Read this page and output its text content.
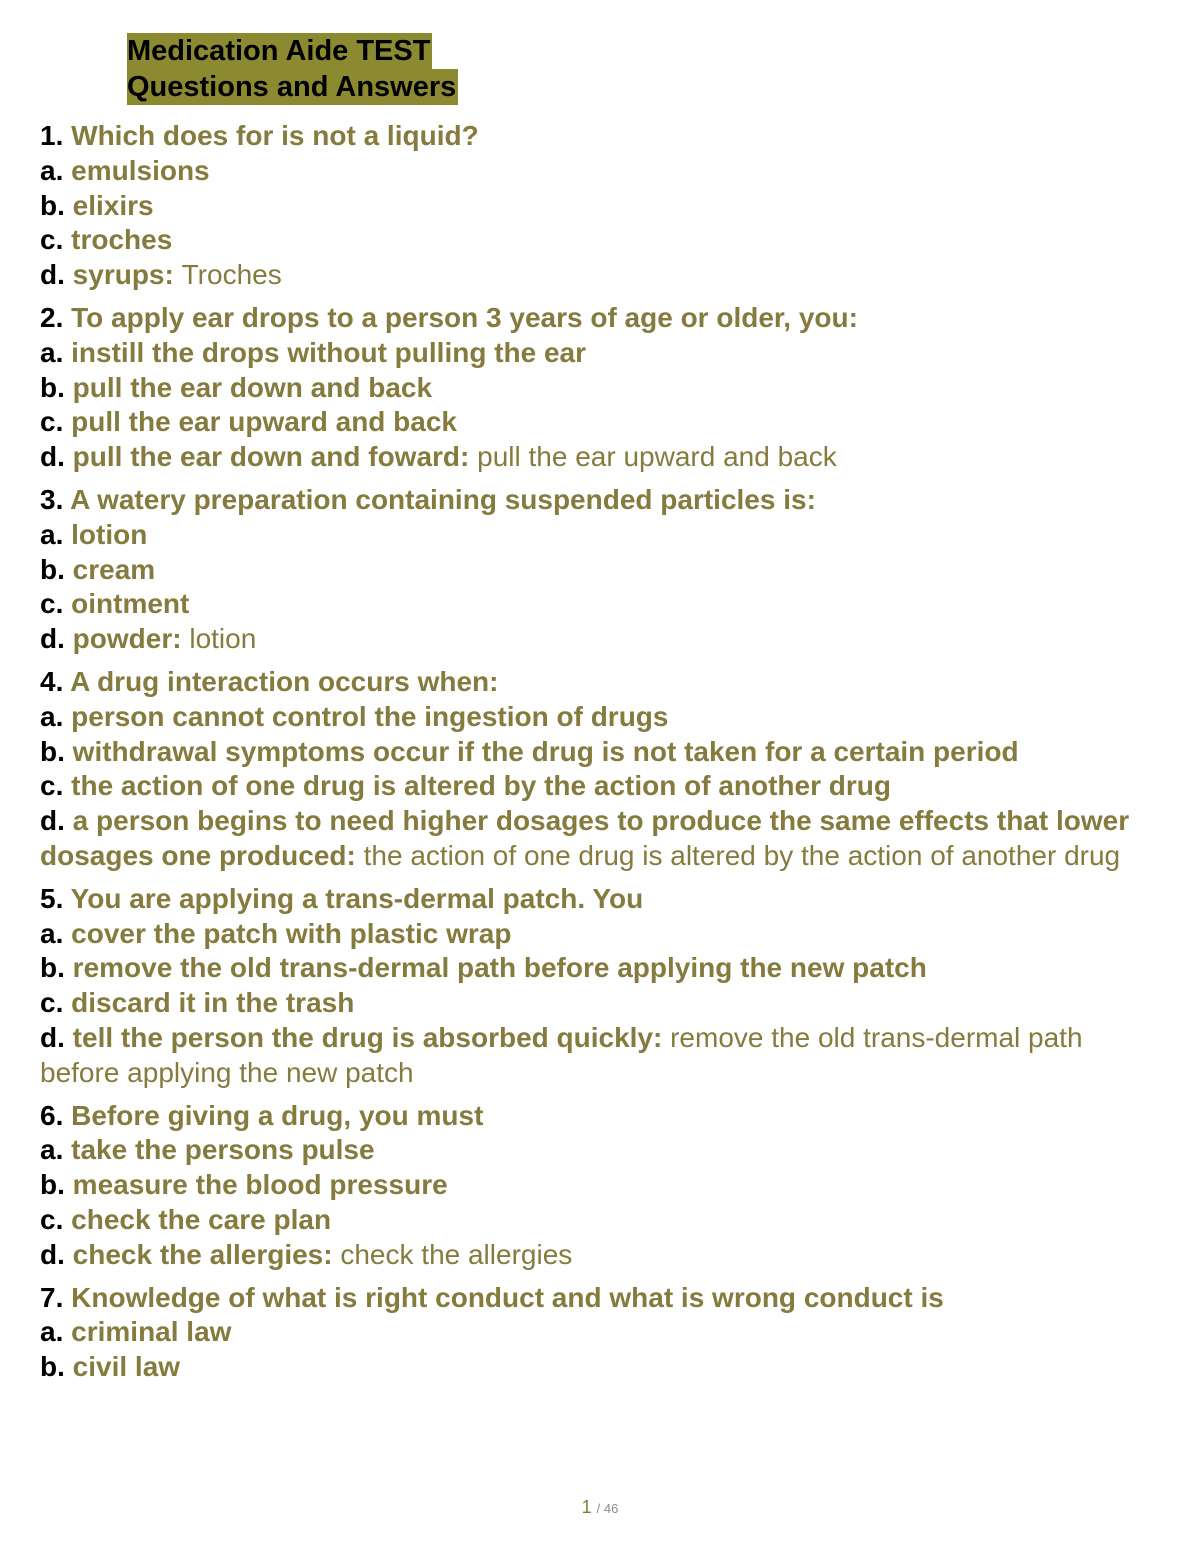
Medication Aide TEST
Questions and Answers
1. Which does for is not a liquid?
a. emulsions
b. elixirs
c. troches
d. syrups: Troches
2. To apply ear drops to a person 3 years of age or older, you:
a. instill the drops without pulling the ear
b. pull the ear down and back
c. pull the ear upward and back
d. pull the ear down and foward: pull the ear upward and back
3. A watery preparation containing suspended particles is:
a. lotion
b. cream
c. ointment
d. powder: lotion
4. A drug interaction occurs when:
a. person cannot control the ingestion of drugs
b. withdrawal symptoms occur if the drug is not taken for a certain period
c. the action of one drug is altered by the action of another drug
d. a person begins to need higher dosages to produce the same effects that lower dosages one produced: the action of one drug is altered by the action of another drug
5. You are applying a trans-dermal patch. You
a. cover the patch with plastic wrap
b. remove the old trans-dermal path before applying the new patch
c. discard it in the trash
d. tell the person the drug is absorbed quickly: remove the old trans-dermal path before applying the new patch
6. Before giving a drug, you must
a. take the persons pulse
b. measure the blood pressure
c. check the care plan
d. check the allergies: check the allergies
7. Knowledge of what is right conduct and what is wrong conduct is
a. criminal law
b. civil law
1 / 46
